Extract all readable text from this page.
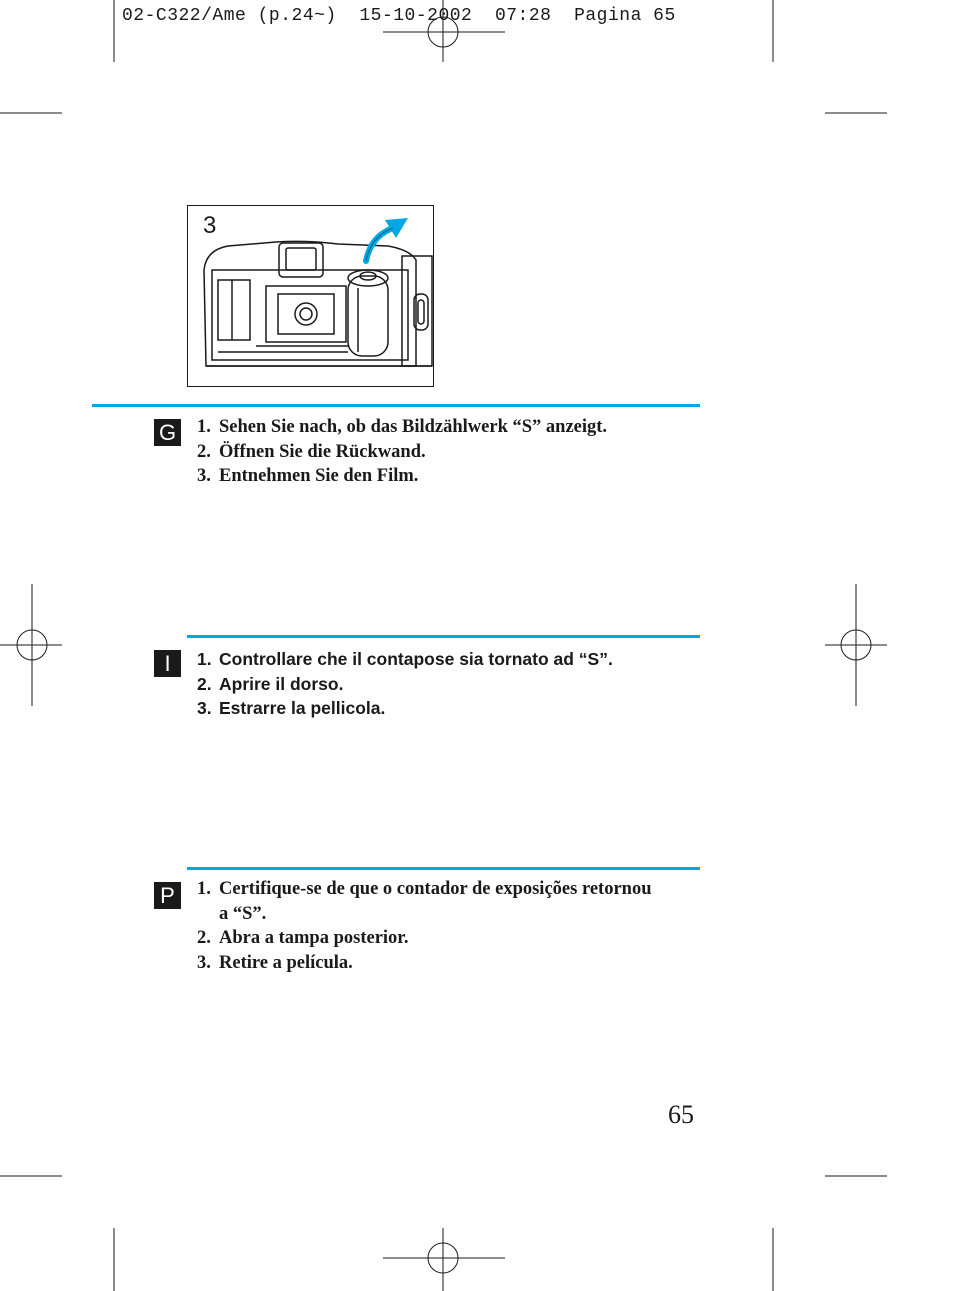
02-C322/Ame (p.24~)  15-10-2002  07:28  Pagina 65
3
G 1. Sehen Sie nach, ob das Bildzählwerk “S” anzeigt.
2. Öffnen Sie die Rückwand.
3. Entnehmen Sie den Film.
I	1. Controllare che il contapose sia tornato ad “S”.
2. Aprire il dorso.
3. Estrarre la pellicola.
P	1. Certifique-se de que o contador de exposições retornou a “S”.
2. Abra a tampa posterior.
3. Retire a película.
65
